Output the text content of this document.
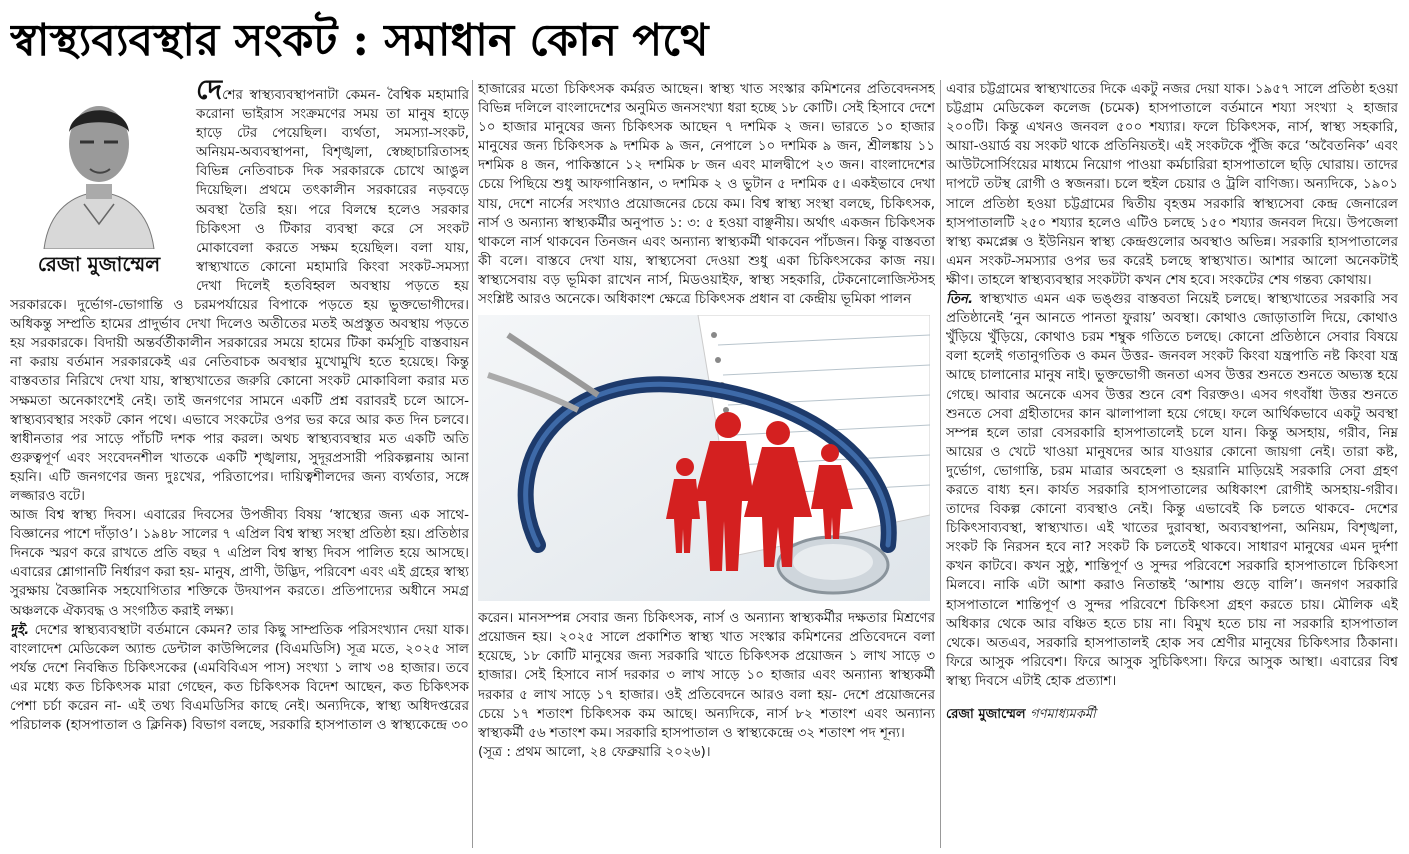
স্বাস্থ্যব্যবস্থার সংকট : সমাধান কোন পথে
রেজা মুজাম্মেল

দেশের স্বাস্থ্যব্যবস্থাপনাটা কেমন- বৈশ্বিক মহামারি করোনা ভাইরাস সংক্রমণের সময় তা মানুষ হাড়ে হাড়ে টের পেয়েছিল। ব্যর্থতা, সমস্যা-সংকট, অনিয়ম-অব্যবস্থাপনা, বিশৃঙ্খলা, স্বেচ্ছাচারিতাসহ বিভিন্ন নেতিবাচক দিক সরকারকে চোখে আঙুল দিয়েছিল। প্রথমে তৎকালীন সরকারের নড়বড়ে অবস্থা তৈরি হয়। পরে বিলম্বে হলেও সরকার চিকিৎসা ও টিকার ব্যবস্থা করে সে সংকট মোকাবেলা করতে সক্ষম হয়েছিল। বলা যায়, স্বাস্থ্যখাতে কোনো মহামারি কিংবা সংকট-সমস্যা দেখা দিলেই হতবিহ্বল অবস্থায় পড়তে হয় সরকারকে। দুর্ভোগ-ভোগান্তি ও চরমপর্যায়ের বিপাকে পড়তে হয় ভুক্তভোগীদের। অধিকন্তু সম্প্রতি হামের প্রাদুর্ভাব দেখা দিলেও অতীতের মতই অপ্রস্তুত অবস্থায় পড়তে হয় সরকারকে। বিদায়ী অন্তর্বর্তীকালীন সরকারের সময়ে হামের টিকা কর্মসূচি বাস্তবায়ন না করায় বর্তমান সরকারকেই এর নেতিবাচক অবস্থার মুখোমুখি হতে হয়েছে। কিন্তু বাস্তবতার নিরিখে দেখা যায়, স্বাস্থ্যখাতের জরুরি কোনো সংকট মোকাবিলা করার মত সক্ষমতা অনেকাংশেই নেই। তাই জনগণের সামনে একটি প্রশ্ন বরাবরই চলে আসে- স্বাস্থ্যব্যবস্থার সংকট কোন পথে। এভাবে সংকটের ওপর ভর করে আর কত দিন চলবে। স্বাধীনতার পর সাড়ে পাঁচটি দশক পার করল। অথচ স্বাস্থ্যব্যবস্থার মত একটি অতি গুরুত্বপূর্ণ এবং সংবেদনশীল খাতকে একটি শৃঙ্খলায়, সুদূরপ্রসারী পরিকল্পনায় আনা হয়নি। এটি জনগণের জন্য দুঃখের, পরিতাপের। দায়িত্বশীলদের জন্য ব্যর্থতার, সঙ্গে লজ্জারও বটে।

আজ বিশ্ব স্বাস্থ্য দিবস। এবারের দিবসের উপজীব্য বিষয় ‘স্বাস্থ্যের জন্য এক সাথে- বিজ্ঞানের পাশে দাঁড়াও’। ১৯৪৮ সালের ৭ এপ্রিল বিশ্ব স্বাস্থ্য সংস্থা প্রতিষ্ঠা হয়। প্রতিষ্ঠার দিনকে স্মরণ করে রাখতে প্রতি বছর ৭ এপ্রিল বিশ্ব স্বাস্থ্য দিবস পালিত হয়ে আসছে। এবারের শ্লোগানটি নির্ধারণ করা হয়- মানুষ, প্রাণী, উদ্ভিদ, পরিবেশ এবং এই গ্রহের স্বাস্থ্য সুরক্ষায় বৈজ্ঞানিক সহযোগিতার শক্তিকে উদযাপন করতে। প্রতিপাদ্যের অধীনে সমগ্র অঞ্চলকে ঐক্যবদ্ধ ও সংগঠিত করাই লক্ষ্য।

দুই. দেশের স্বাস্থ্যব্যবস্থাটা বর্তমানে কেমন? তার কিছু সাম্প্রতিক পরিসংখ্যান দেয়া যাক। বাংলাদেশ মেডিকেল অ্যান্ড ডেন্টাল কাউন্সিলের (বিএমডিসি) সূত্র মতে, ২০২৫ সাল পর্যন্ত দেশে নিবন্ধিত চিকিৎসকের (এমবিবিএস পাস) সংখ্যা ১ লাখ ৩৪ হাজার। তবে এর মধ্যে কত চিকিৎসক মারা গেছেন, কত চিকিৎসক বিদেশ আছেন, কত চিকিৎসক পেশা চর্চা করেন না- এই তথ্য বিএমডিসির কাছে নেই। অন্যদিকে, স্বাস্থ্য অধিদপ্তরের পরিচালক (হাসপাতাল ও ক্লিনিক) বিভাগ বলছে, সরকারি হাসপাতাল ও স্বাস্থ্যকেন্দ্রে ৩০

হাজারের মতো চিকিৎসক কর্মরত আছেন। স্বাস্থ্য খাত সংস্কার কমিশনের প্রতিবেদনসহ বিভিন্ন দলিলে বাংলাদেশের অনুমিত জনসংখ্যা ধরা হচ্ছে ১৮ কোটি। সেই হিসাবে দেশে ১০ হাজার মানুষের জন্য চিকিৎসক আছেন ৭ দশমিক ২ জন। ভারতে ১০ হাজার মানুষের জন্য চিকিৎসক ৯ দশমিক ৯ জন, নেপালে ১০ দশমিক ৯ জন, শ্রীলঙ্কায় ১১ দশমিক ৪ জন, পাকিস্তানে ১২ দশমিক ৮ জন এবং মালদ্বীপে ২৩ জন। বাংলাদেশের চেয়ে পিছিয়ে শুধু আফগানিস্তান, ৩ দশমিক ২ ও ভুটান ৫ দশমিক ৫। একইভাবে দেখা যায়, দেশে নার্সের সংখ্যাও প্রয়োজনের চেয়ে কম। বিশ্ব স্বাস্থ্য সংস্থা বলছে, চিকিৎসক, নার্স ও অন্যান্য স্বাস্থ্যকর্মীর অনুপাত ১: ৩: ৫ হওয়া বাঞ্ছনীয়। অর্থাৎ একজন চিকিৎসক থাকলে নার্স থাকবেন তিনজন এবং অন্যান্য স্বাস্থ্যকর্মী থাকবেন পাঁচজন। কিন্তু বাস্তবতা কী বলে। বাস্তবে দেখা যায়, স্বাস্থ্যসেবা দেওয়া শুধু একা চিকিৎসকের কাজ নয়। স্বাস্থ্যসেবায় বড় ভূমিকা রাখেন নার্স, মিডওয়াইফ, স্বাস্থ্য সহকারি, টেকনোলোজিস্টসহ সংশ্লিষ্ট আরও অনেকে। অধিকাংশ ক্ষেত্রে চিকিৎসক প্রধান বা কেন্দ্রীয় ভূমিকা পালন

করেন। মানসম্পন্ন সেবার জন্য চিকিৎসক, নার্স ও অন্যান্য স্বাস্থ্যকর্মীর দক্ষতার মিশ্রণের প্রয়োজন হয়। ২০২৫ সালে প্রকাশিত স্বাস্থ্য খাত সংস্কার কমিশনের প্রতিবেদনে বলা হয়েছে, ১৮ কোটি মানুষের জন্য সরকারি খাতে চিকিৎসক প্রয়োজন ১ লাখ সাড়ে ৩ হাজার। সেই হিসাবে নার্স দরকার ৩ লাখ সাড়ে ১০ হাজার এবং অন্যান্য স্বাস্থ্যকর্মী দরকার ৫ লাখ সাড়ে ১৭ হাজার। ওই প্রতিবেদনে আরও বলা হয়- দেশে প্রয়োজনের চেয়ে ১৭ শতাংশ চিকিৎসক কম আছে। অন্যদিকে, নার্স ৮২ শতাংশ এবং অন্যান্য স্বাস্থ্যকর্মী ৫৬ শতাংশ কম। সরকারি হাসপাতাল ও স্বাস্থ্যকেন্দ্রে ৩২ শতাংশ পদ শূন্য।

(সূত্র : প্রথম আলো, ২৪ ফেব্রুয়ারি ২০২৬)।

এবার চট্টগ্রামের স্বাস্থ্যখাতের দিকে একটু নজর দেয়া যাক। ১৯৫৭ সালে প্রতিষ্ঠা হওয়া চট্টগ্রাম মেডিকেল কলেজ (চমেক) হাসপাতালে বর্তমানে শয্যা সংখ্যা ২ হাজার ২০০টি। কিন্তু এখনও জনবল ৫০০ শয্যার। ফলে চিকিৎসক, নার্স, স্বাস্থ্য সহকারি, আয়া-ওয়ার্ড বয় সংকট থাকে প্রতিনিয়তই। এই সংকটকে পুঁজি করে ‘অবৈতনিক’ এবং আউটসোর্সিংয়ের মাধ্যমে নিয়োগ পাওয়া কর্মচারিরা হাসপাতালে ছড়ি ঘোরায়। তাদের দাপটে তটস্থ রোগী ও স্বজনরা। চলে হুইল চেয়ার ও ট্রলি বাণিজ্য। অন্যদিকে, ১৯০১ সালে প্রতিষ্ঠা হওয়া চট্টগ্রামের দ্বিতীয় বৃহত্তম সরকারি স্বাস্থ্যসেবা কেন্দ্র জেনারেল হাসপাতালটি ২৫০ শয্যার হলেও এটিও চলছে ১৫০ শয্যার জনবল দিয়ে। উপজেলা স্বাস্থ্য কমপ্লেক্স ও ইউনিয়ন স্বাস্থ্য কেন্দ্রগুলোর অবস্থাও অভিন্ন। সরকারি হাসপাতালের এমন সংকট-সমস্যার ওপর ভর করেই চলছে স্বাস্থ্যখাত। আশার আলো অনেকটাই ক্ষীণ। তাহলে স্বাস্থ্যব্যবস্থার সংকটটা কখন শেষ হবে। সংকটের শেষ গন্তব্য কোথায়।

তিন. স্বাস্থ্যখাত এমন এক ভঙ্গুর বাস্তবতা নিয়েই চলছে। স্বাস্থ্যখাতের সরকারি সব প্রতিষ্ঠানেই ‘নুন আনতে পানতা ফুরায়’ অবস্থা। কোথাও জোড়াতালি দিয়ে, কোথাও খুঁড়িয়ে খুঁড়িয়ে, কোথাও চরম শম্বুক গতিতে চলছে। কোনো প্রতিষ্ঠানে সেবার বিষয়ে বলা হলেই গতানুগতিক ও কমন উত্তর- জনবল সংকট কিংবা যন্ত্রপাতি নষ্ট কিংবা যন্ত্র আছে চালানোর মানুষ নাই। ভুক্তভোগী জনতা এসব উত্তর শুনতে শুনতে অভ্যস্ত হয়ে গেছে। আবার অনেকে এসব উত্তর শুনে বেশ বিরক্তও। এসব গৎবাঁধা উত্তর শুনতে শুনতে সেবা গ্রহীতাদের কান ঝালাপালা হয়ে গেছে। ফলে আর্থিকভাবে একটু অবস্থা সম্পন্ন হলে তারা বেসরকারি হাসপাতালেই চলে যান। কিন্তু অসহায়, গরীব, নিম্ন আয়ের ও খেটে খাওয়া মানুষদের আর যাওয়ার কোনো জায়গা নেই। তারা কষ্ট, দুর্ভোগ, ভোগান্তি, চরম মাত্রার অবহেলা ও হয়রানি মাড়িয়েই সরকারি সেবা গ্রহণ করতে বাধ্য হন। কার্যত সরকারি হাসপাতালের অধিকাংশ রোগীই অসহায়-গরীব। তাদের বিকল্প কোনো ব্যবস্থাও নেই। কিন্তু এভাবেই কি চলতে থাকবে- দেশের চিকিৎসাব্যবস্থা, স্বাস্থ্যখাত। এই খাতের দুরাবস্থা, অব্যবস্থাপনা, অনিয়ম, বিশৃঙ্খলা, সংকট কি নিরসন হবে না? সংকট কি চলতেই থাকবে। সাধারণ মানুষের এমন দুর্দশা কখন কাটবে। কখন সুষ্ঠু, শান্তিপূর্ণ ও সুন্দর পরিবেশে সরকারি হাসপাতালে চিকিৎসা মিলবে। নাকি এটা আশা করাও নিতান্তই ‘আশায় গুড়ে বালি’। জনগণ সরকারি হাসপাতালে শান্তিপূর্ণ ও সুন্দর পরিবেশে চিকিৎসা গ্রহণ করতে চায়। মৌলিক এই অধিকার থেকে আর বঞ্চিত হতে চায় না। বিমুখ হতে চায় না সরকারি হাসপাতাল থেকে। অতএব, সরকারি হাসপাতালই হোক সব শ্রেণীর মানুষের চিকিৎসার ঠিকানা। ফিরে আসুক পরিবেশ। ফিরে আসুক সুচিকিৎসা। ফিরে আসুক আস্থা। এবারের বিশ্ব স্বাস্থ্য দিবসে এটাই হোক প্রত্যাশ।

রেজা মুজাম্মেল গণমাধ্যমকর্মী
